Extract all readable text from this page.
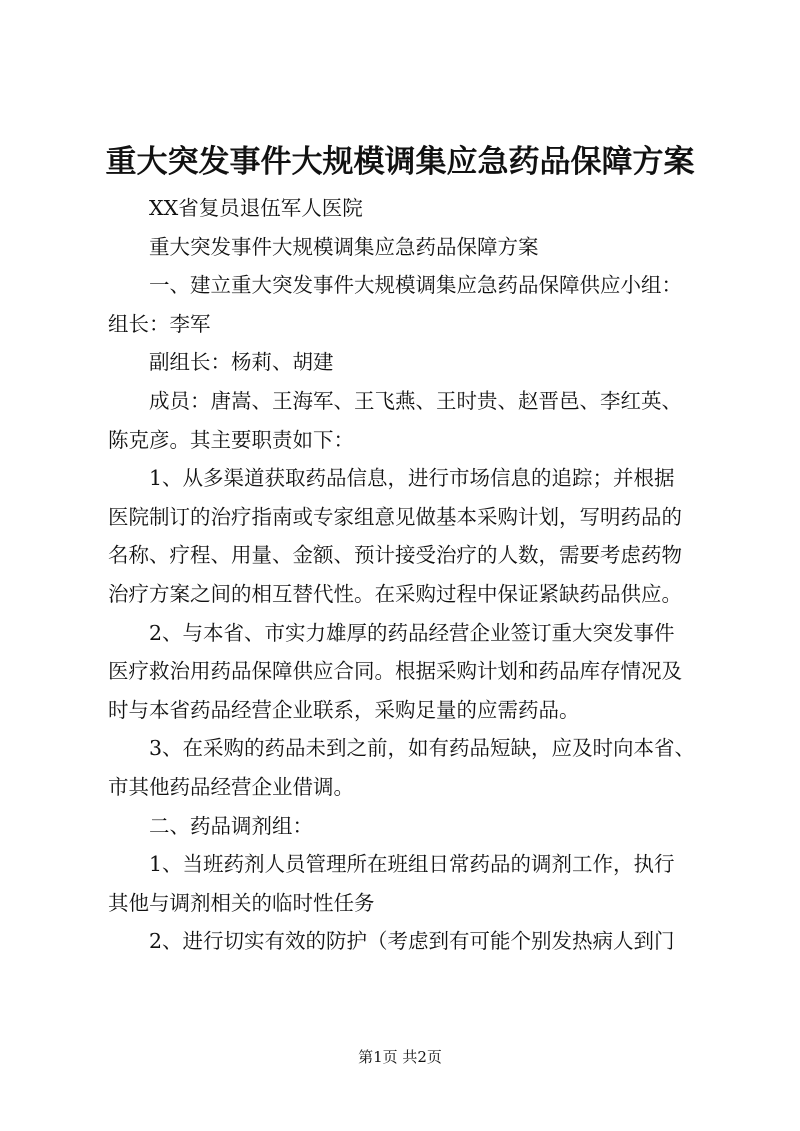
重大突发事件大规模调集应急药品保障方案
XX省复员退伍军人医院
重大突发事件大规模调集应急药品保障方案
一、建立重大突发事件大规模调集应急药品保障供应小组：
组长：李军
副组长：杨莉、胡建
成员：唐嵩、王海军、王飞燕、王时贵、赵晋邑、李红英、
陈克彦。其主要职责如下：
1、从多渠道获取药品信息，进行市场信息的追踪；并根据
医院制订的治疗指南或专家组意见做基本采购计划，写明药品的
名称、疗程、用量、金额、预计接受治疗的人数，需要考虑药物
治疗方案之间的相互替代性。在采购过程中保证紧缺药品供应。
2、与本省、市实力雄厚的药品经营企业签订重大突发事件
医疗救治用药品保障供应合同。根据采购计划和药品库存情况及
时与本省药品经营企业联系，采购足量的应需药品。
3、在采购的药品未到之前，如有药品短缺，应及时向本省、
市其他药品经营企业借调。
二、药品调剂组：
1、当班药剂人员管理所在班组日常药品的调剂工作，执行
其他与调剂相关的临时性任务
2、进行切实有效的防护（考虑到有可能个别发热病人到门
第1页 共2页
